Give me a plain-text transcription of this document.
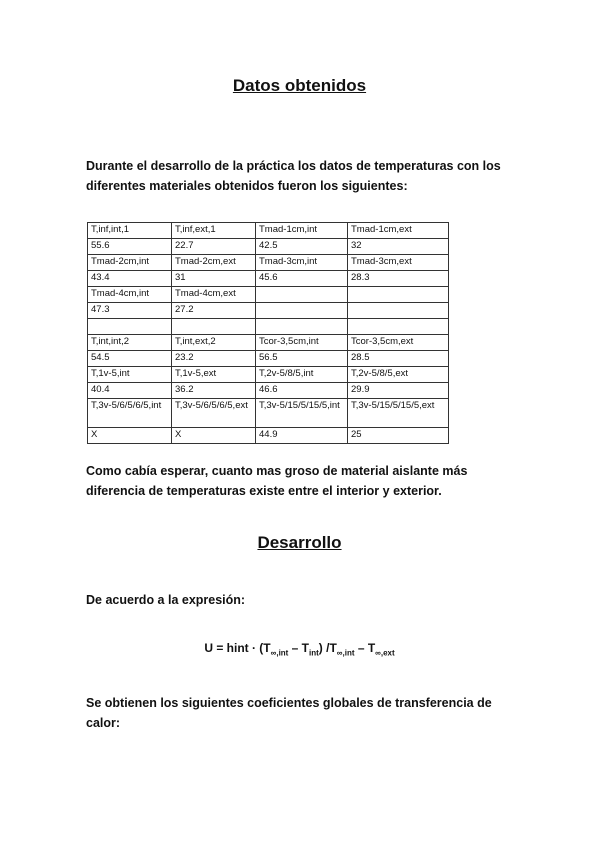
Datos obtenidos
Durante el desarrollo de la práctica los datos de temperaturas con los diferentes materiales obtenidos fueron los siguientes:
T,inf,int,1	T,inf,ext,1	Tmad-1cm,int	Tmad-1cm,ext
55.6	22.7	42.5	32
Tmad-2cm,int	Tmad-2cm,ext	Tmad-3cm,int	Tmad-3cm,ext
43.4	31	45.6	28.3
Tmad-4cm,int	Tmad-4cm,ext		
47.3	27.2		

T,int,int,2	T,int,ext,2	Tcor-3,5cm,int	Tcor-3,5cm,ext
54.5	23.2	56.5	28.5
T,1v-5,int	T,1v-5,ext	T,2v-5/8/5,int	T,2v-5/8/5,ext
40.4	36.2	46.6	29.9
T,3v-5/6/5/6/5,int	T,3v-5/6/5/6/5,ext	T,3v-5/15/5/15/5,int	T,3v-5/15/5/15/5,ext
X	X	44.9	25
Como cabía esperar, cuanto mas groso de material aislante más diferencia de temperaturas existe entre el interior y exterior.
Desarrollo
De acuerdo a la expresión:
U = hint · $(T_{\infty,int} - T_{int})$ $/T_{\infty,int} - T_{\infty,ext}$
Se obtienen los siguientes coeficientes globales de transferencia de calor:
